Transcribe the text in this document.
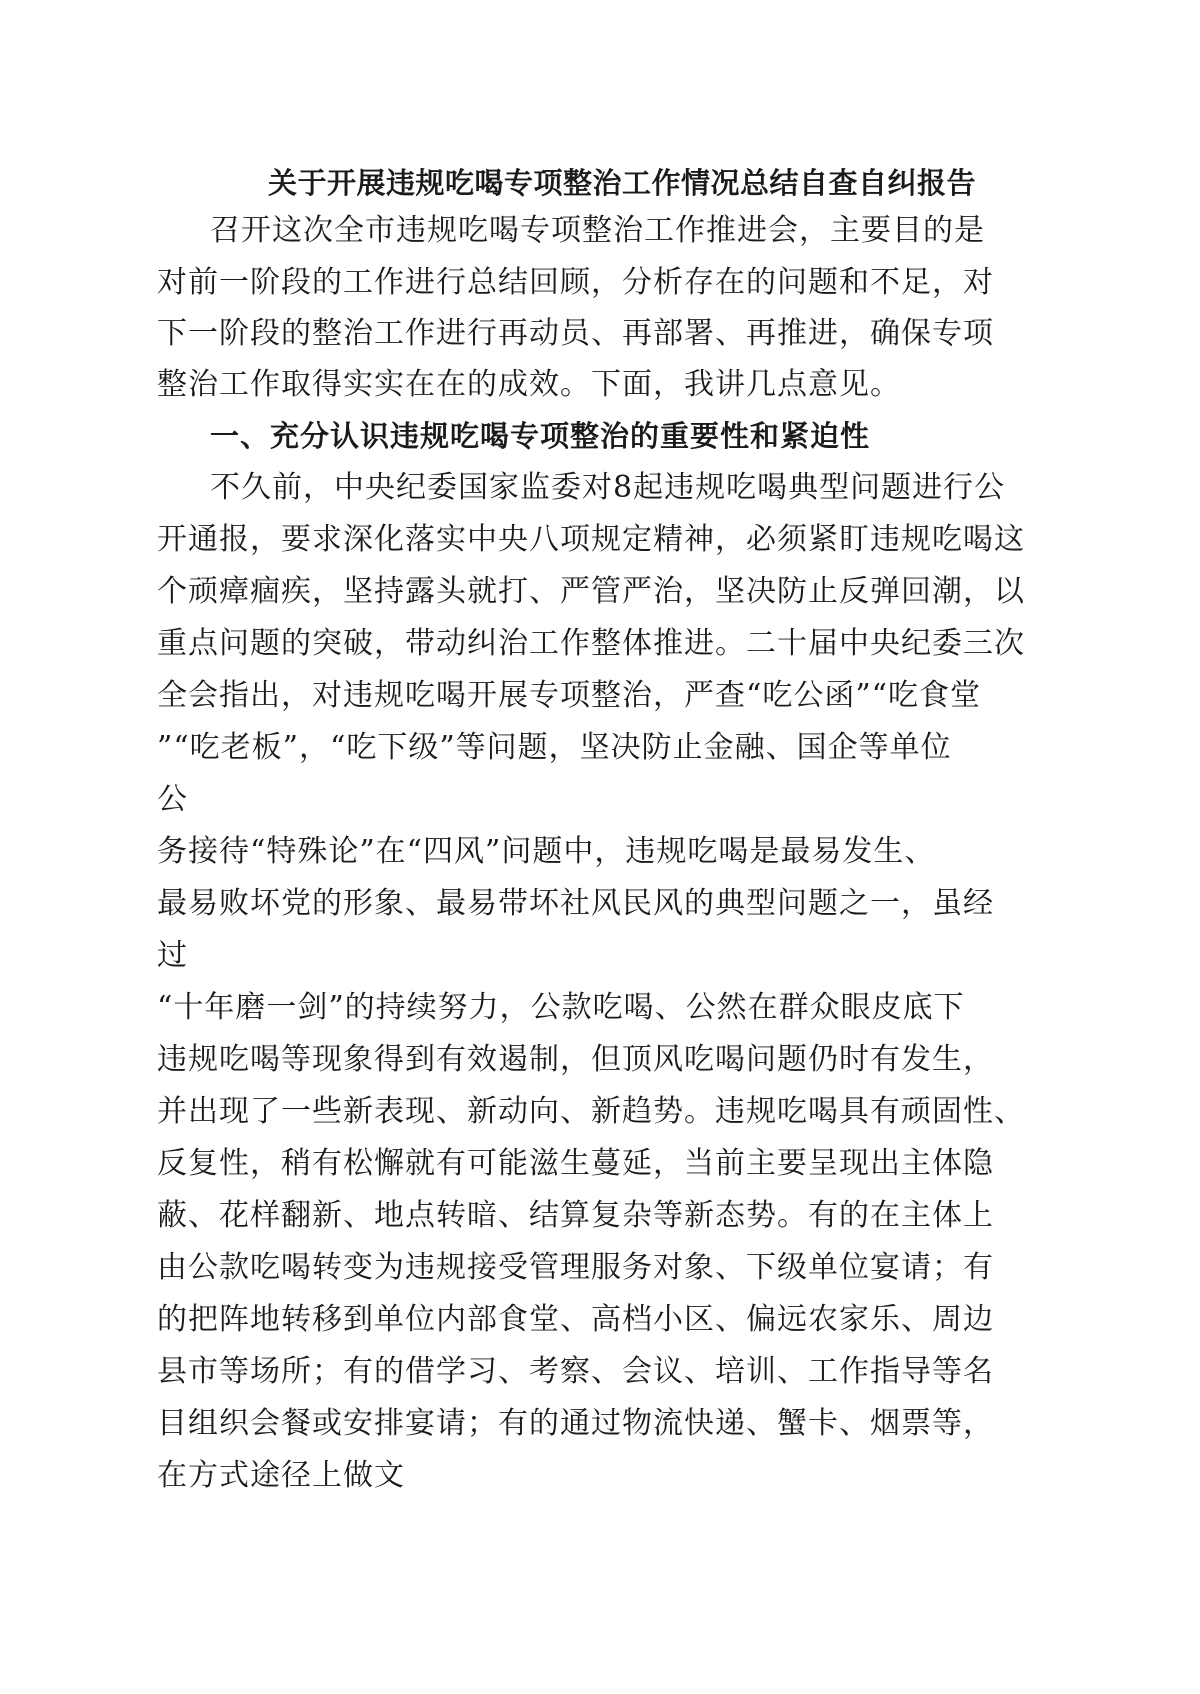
关于开展违规吃喝专项整治工作情况总结自查自纠报告
召开这次全市违规吃喝专项整治工作推进会，主要目的是
对前一阶段的工作进行总结回顾，分析存在的问题和不足，对
下一阶段的整治工作进行再动员、再部署、再推进，确保专项
整治工作取得实实在在的成效。下面，我讲几点意见。
一、充分认识违规吃喝专项整治的重要性和紧迫性
不久前，中央纪委国家监委对8起违规吃喝典型问题进行公
开通报，要求深化落实中央八项规定精神，必须紧盯违规吃喝这
个顽瘴痼疾，坚持露头就打、严管严治，坚决防止反弹回潮，以
重点问题的突破，带动纠治工作整体推进。二十届中央纪委三次
全会指出，对违规吃喝开展专项整治，严查“吃公函”“吃食堂
”“吃老板”，“吃下级”等问题，坚决防止金融、国企等单位
公
务接待“特殊论”在“四风”问题中，违规吃喝是最易发生、
最易败坏党的形象、最易带坏社风民风的典型问题之一，虽经
过
“十年磨一剑”的持续努力，公款吃喝、公然在群众眼皮底下
违规吃喝等现象得到有效遏制，但顶风吃喝问题仍时有发生，
并出现了一些新表现、新动向、新趋势。违规吃喝具有顽固性、
反复性，稍有松懈就有可能滋生蔓延，当前主要呈现出主体隐
蔽、花样翻新、地点转暗、结算复杂等新态势。有的在主体上
由公款吃喝转变为违规接受管理服务对象、下级单位宴请；有
的把阵地转移到单位内部食堂、高档小区、偏远农家乐、周边
县市等场所；有的借学习、考察、会议、培训、工作指导等名
目组织会餐或安排宴请；有的通过物流快递、蟹卡、烟票等，
在方式途径上做文
